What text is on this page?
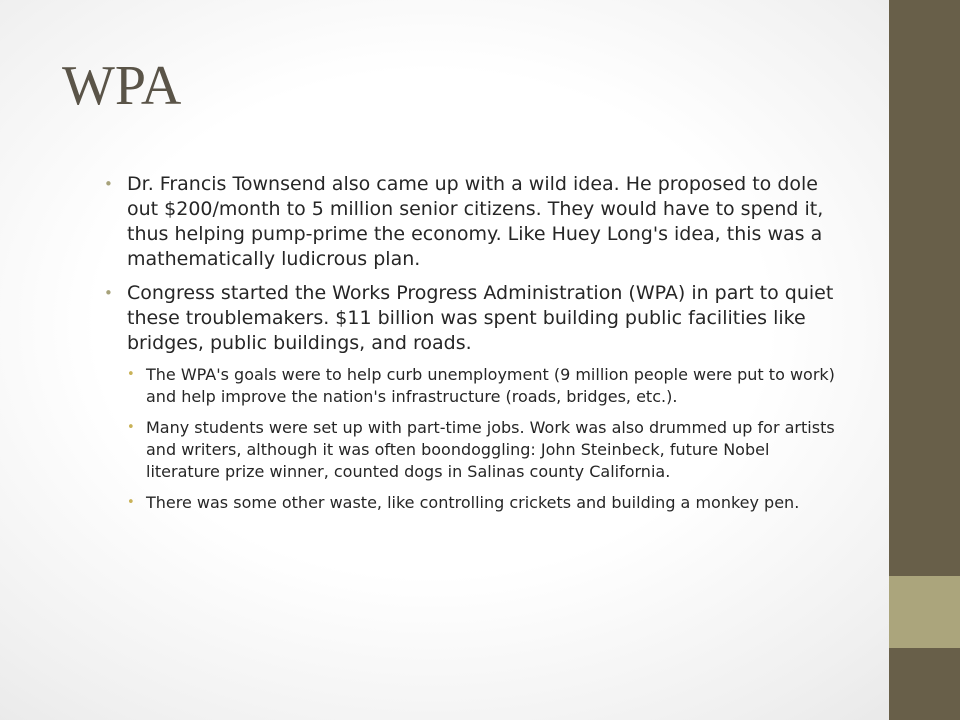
WPA
• Dr. Francis Townsend also came up with a wild idea. He proposed to dole out $200/month to 5 million senior citizens. They would have to spend it, thus helping pump-prime the economy. Like Huey Long's idea, this was a mathematically ludicrous plan.
• Congress started the Works Progress Administration (WPA) in part to quiet these troublemakers. $11 billion was spent building public facilities like bridges, public buildings, and roads.
• The WPA's goals were to help curb unemployment (9 million people were put to work) and help improve the nation's infrastructure (roads, bridges, etc.).
• Many students were set up with part-time jobs. Work was also drummed up for artists and writers, although it was often boondoggling: John Steinbeck, future Nobel literature prize winner, counted dogs in Salinas county California.
• There was some other waste, like controlling crickets and building a monkey pen.
